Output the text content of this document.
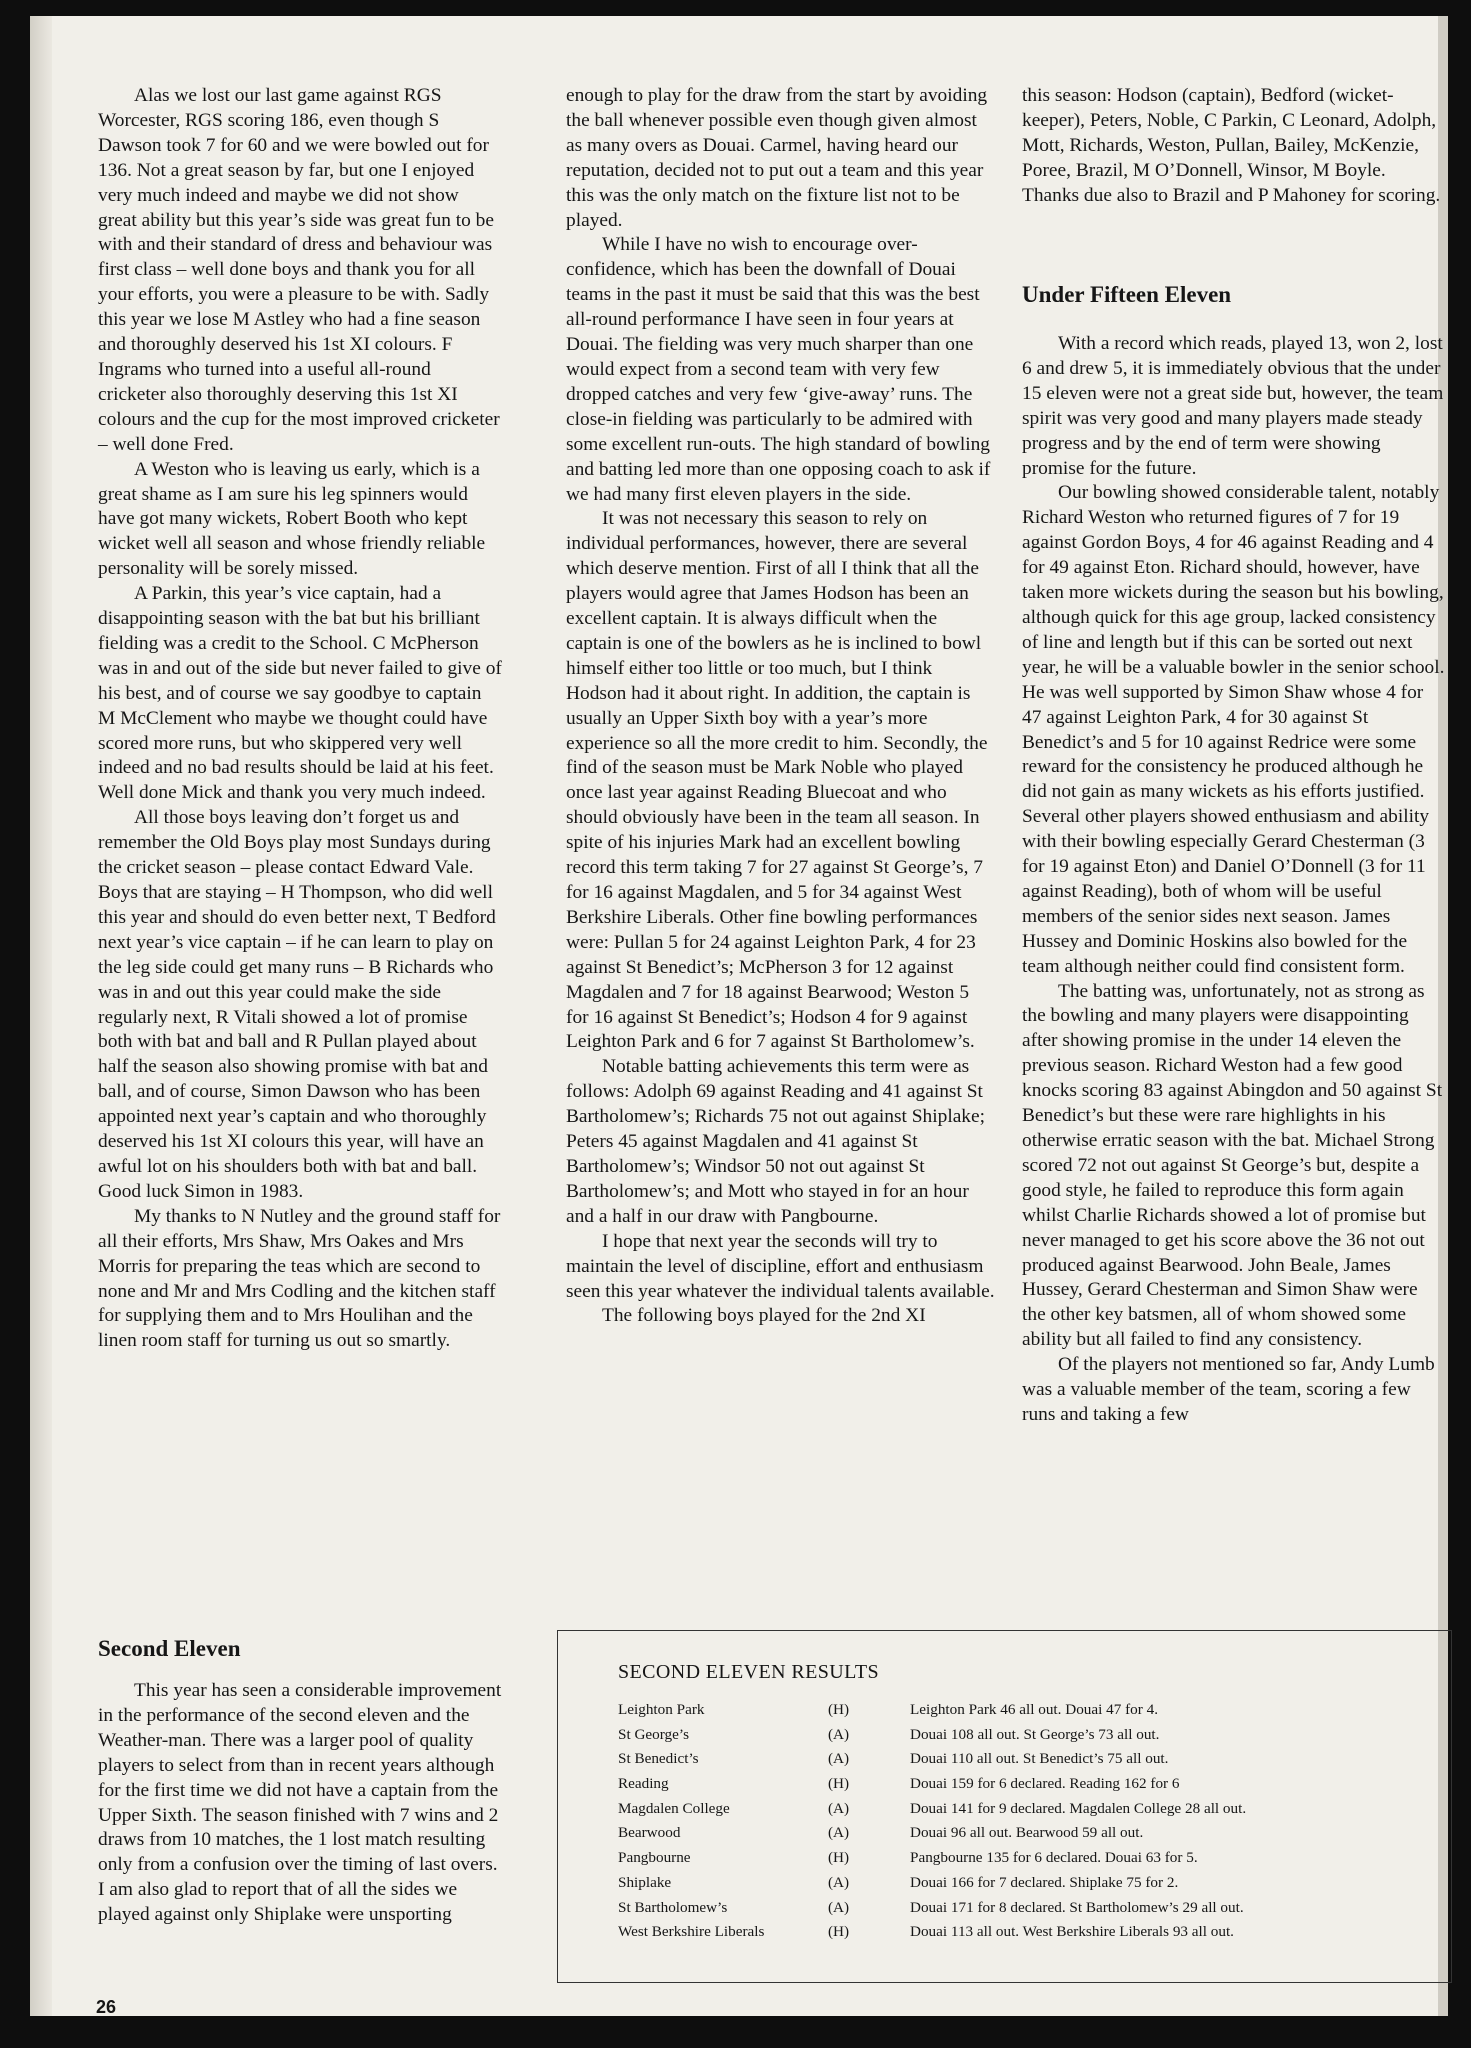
Alas we lost our last game against RGS Worcester, RGS scoring 186, even though S Dawson took 7 for 60 and we were bowled out for 136. Not a great season by far, but one I enjoyed very much indeed and maybe we did not show great ability but this year’s side was great fun to be with and their standard of dress and behaviour was first class – well done boys and thank you for all your efforts, you were a pleasure to be with. Sadly this year we lose M Astley who had a fine season and thoroughly deserved his 1st XI colours. F Ingrams who turned into a useful all-round cricketer also thoroughly deserving this 1st XI colours and the cup for the most improved cricketer – well done Fred.

A Weston who is leaving us early, which is a great shame as I am sure his leg spinners would have got many wickets, Robert Booth who kept wicket well all season and whose friendly reliable personality will be sorely missed.

A Parkin, this year’s vice captain, had a disappointing season with the bat but his brilliant fielding was a credit to the School. C McPherson was in and out of the side but never failed to give of his best, and of course we say goodbye to captain M McClement who maybe we thought could have scored more runs, but who skippered very well indeed and no bad results should be laid at his feet. Well done Mick and thank you very much indeed.

All those boys leaving don’t forget us and remember the Old Boys play most Sundays during the cricket season – please contact Edward Vale. Boys that are staying – H Thompson, who did well this year and should do even better next, T Bedford next year’s vice captain – if he can learn to play on the leg side could get many runs – B Richards who was in and out this year could make the side regularly next, R Vitali showed a lot of promise both with bat and ball and R Pullan played about half the season also showing promise with bat and ball, and of course, Simon Dawson who has been appointed next year’s captain and who thoroughly deserved his 1st XI colours this year, will have an awful lot on his shoulders both with bat and ball. Good luck Simon in 1983.

My thanks to N Nutley and the ground staff for all their efforts, Mrs Shaw, Mrs Oakes and Mrs Morris for preparing the teas which are second to none and Mr and Mrs Codling and the kitchen staff for supplying them and to Mrs Houlihan and the linen room staff for turning us out so smartly.

Second Eleven

This year has seen a considerable improvement in the performance of the second eleven and the Weather-man. There was a larger pool of quality players to select from than in recent years although for the first time we did not have a captain from the Upper Sixth. The season finished with 7 wins and 2 draws from 10 matches, the 1 lost match resulting only from a confusion over the timing of last overs. I am also glad to report that of all the sides we played against only Shiplake were unsporting

enough to play for the draw from the start by avoiding the ball whenever possible even though given almost as many overs as Douai. Carmel, having heard our reputation, decided not to put out a team and this year this was the only match on the fixture list not to be played.

While I have no wish to encourage over-confidence, which has been the downfall of Douai teams in the past it must be said that this was the best all-round performance I have seen in four years at Douai. The fielding was very much sharper than one would expect from a second team with very few dropped catches and very few ‘give-away’ runs. The close-in fielding was particularly to be admired with some excellent run-outs. The high standard of bowling and batting led more than one opposing coach to ask if we had many first eleven players in the side.

It was not necessary this season to rely on individual performances, however, there are several which deserve mention. First of all I think that all the players would agree that James Hodson has been an excellent captain. It is always difficult when the captain is one of the bowlers as he is inclined to bowl himself either too little or too much, but I think Hodson had it about right. In addition, the captain is usually an Upper Sixth boy with a year’s more experience so all the more credit to him. Secondly, the find of the season must be Mark Noble who played once last year against Reading Bluecoat and who should obviously have been in the team all season. In spite of his injuries Mark had an excellent bowling record this term taking 7 for 27 against St George’s, 7 for 16 against Magdalen, and 5 for 34 against West Berkshire Liberals. Other fine bowling performances were: Pullan 5 for 24 against Leighton Park, 4 for 23 against St Benedict’s; McPherson 3 for 12 against Magdalen and 7 for 18 against Bearwood; Weston 5 for 16 against St Benedict’s; Hodson 4 for 9 against Leighton Park and 6 for 7 against St Bartholomew’s.

Notable batting achievements this term were as follows: Adolph 69 against Reading and 41 against St Bartholomew’s; Richards 75 not out against Shiplake; Peters 45 against Magdalen and 41 against St Bartholomew’s; Windsor 50 not out against St Bartholomew’s; and Mott who stayed in for an hour and a half in our draw with Pangbourne.

I hope that next year the seconds will try to maintain the level of discipline, effort and enthusiasm seen this year whatever the individual talents available.

The following boys played for the 2nd XI

this season: Hodson (captain), Bedford (wicket-keeper), Peters, Noble, C Parkin, C Leonard, Adolph, Mott, Richards, Weston, Pullan, Bailey, McKenzie, Poree, Brazil, M O’Donnell, Winsor, M Boyle. Thanks due also to Brazil and P Mahoney for scoring.

Under Fifteen Eleven

With a record which reads, played 13, won 2, lost 6 and drew 5, it is immediately obvious that the under 15 eleven were not a great side but, however, the team spirit was very good and many players made steady progress and by the end of term were showing promise for the future.

Our bowling showed considerable talent, notably Richard Weston who returned figures of 7 for 19 against Gordon Boys, 4 for 46 against Reading and 4 for 49 against Eton. Richard should, however, have taken more wickets during the season but his bowling, although quick for this age group, lacked consistency of line and length but if this can be sorted out next year, he will be a valuable bowler in the senior school. He was well supported by Simon Shaw whose 4 for 47 against Leighton Park, 4 for 30 against St Benedict’s and 5 for 10 against Redrice were some reward for the consistency he produced although he did not gain as many wickets as his efforts justified. Several other players showed enthusiasm and ability with their bowling especially Gerard Chesterman (3 for 19 against Eton) and Daniel O’Donnell (3 for 11 against Reading), both of whom will be useful members of the senior sides next season. James Hussey and Dominic Hoskins also bowled for the team although neither could find consistent form.

The batting was, unfortunately, not as strong as the bowling and many players were disappointing after showing promise in the under 14 eleven the previous season. Richard Weston had a few good knocks scoring 83 against Abingdon and 50 against St Benedict’s but these were rare highlights in his otherwise erratic season with the bat. Michael Strong scored 72 not out against St George’s but, despite a good style, he failed to reproduce this form again whilst Charlie Richards showed a lot of promise but never managed to get his score above the 36 not out produced against Bearwood. John Beale, James Hussey, Gerard Chesterman and Simon Shaw were the other key batsmen, all of whom showed some ability but all failed to find any consistency.

Of the players not mentioned so far, Andy Lumb was a valuable member of the team, scoring a few runs and taking a few

SECOND ELEVEN RESULTS
Leighton Park	(H)	Leighton Park 46 all out. Douai 47 for 4.
St George’s	(A)	Douai 108 all out. St George’s 73 all out.
St Benedict’s	(A)	Douai 110 all out. St Benedict’s 75 all out.
Reading	(H)	Douai 159 for 6 declared. Reading 162 for 6
Magdalen College	(A)	Douai 141 for 9 declared. Magdalen College 28 all out.
Bearwood	(A)	Douai 96 all out. Bearwood 59 all out.
Pangbourne	(H)	Pangbourne 135 for 6 declared. Douai 63 for 5.
Shiplake	(A)	Douai 166 for 7 declared. Shiplake 75 for 2.
St Bartholomew’s	(A)	Douai 171 for 8 declared. St Bartholomew’s 29 all out.
West Berkshire Liberals	(H)	Douai 113 all out. West Berkshire Liberals 93 all out.
26
